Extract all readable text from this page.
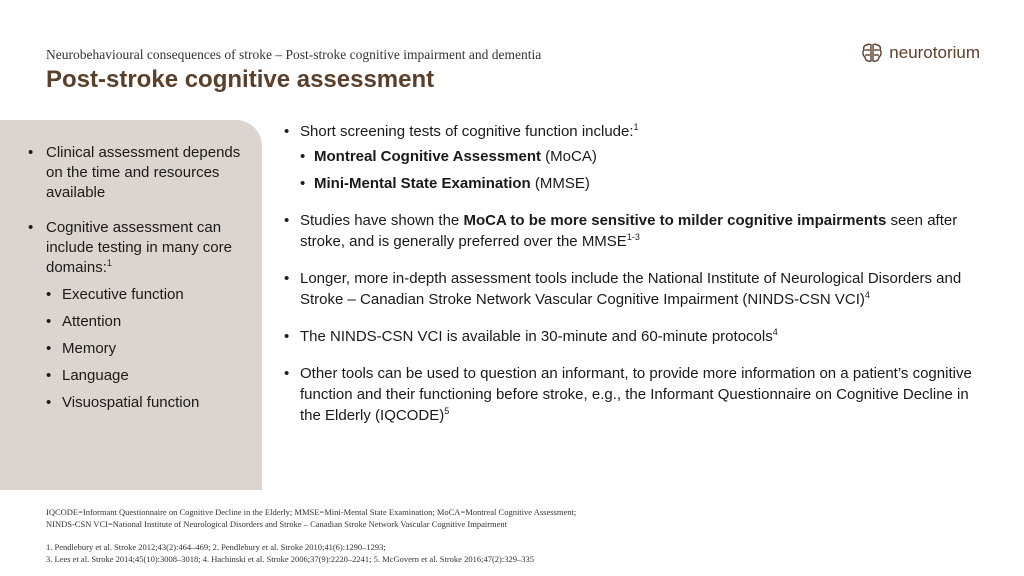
Neurobehavioural consequences of stroke – Post-stroke cognitive impairment and dementia
Post-stroke cognitive assessment
neurotorium
• Clinical assessment depends on the time and resources available
• Cognitive assessment can include testing in many core domains:$^1$
• Executive function
• Attention
• Memory
• Language
• Visuospatial function
• Short screening tests of cognitive function include:$^1$
• Montreal Cognitive Assessment (MoCA)
• Mini-Mental State Examination (MMSE)
• Studies have shown the MoCA to be more sensitive to milder cognitive impairments seen after stroke, and is generally preferred over the MMSE$^{1-3}$
• Longer, more in-depth assessment tools include the National Institute of Neurological Disorders and Stroke – Canadian Stroke Network Vascular Cognitive Impairment (NINDS-CSN VCI)$^4$
• The NINDS-CSN VCI is available in 30-minute and 60-minute protocols$^4$
• Other tools can be used to question an informant, to provide more information on a patient’s cognitive function and their functioning before stroke, e.g., the Informant Questionnaire on Cognitive Decline in the Elderly (IQCODE)$^5$
IQCODE=Informant Questionnaire on Cognitive Decline in the Elderly; MMSE=Mini-Mental State Examination; MoCA=Montreal Cognitive Assessment;
NINDS-CSN VCI=National Institute of Neurological Disorders and Stroke – Canadian Stroke Network Vascular Cognitive Impairment
1. Pendlebury et al. Stroke 2012;43(2):464–469; 2. Pendlebury et al. Stroke 2010;41(6):1290–1293;
3. Lees et al. Stroke 2014;45(10):3008–3018; 4. Hachinski et al. Stroke 2006;37(9):2220–2241; 5. McGovern et al. Stroke 2016;47(2):329–335
